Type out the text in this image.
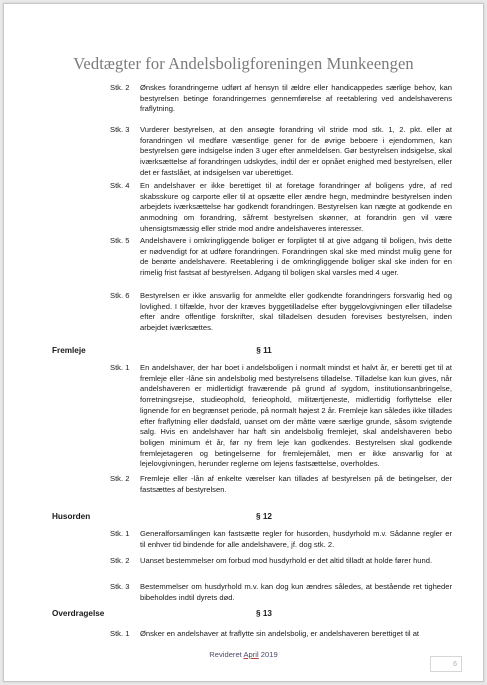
Vedtægter for Andelsboligforeningen Munkeengen
Stk. 2	Ønskes forandringerne udført af hensyn til ældre eller handicappedes særlige behov, kan bestyrelsen betinge forandringernes gennemførelse af reetablering ved andelshaverens fraflytning.
Stk. 3	Vurderer bestyrelsen, at den ansøgte forandring vil stride mod stk. 1, 2. pkt. eller at forandringen vil medføre væsentlige gener for de øvrige beboere i ejendommen, kan bestyrelsen gøre indsigelse inden 3 uger efter anmeldelsen. Gør bestyrelsen indsigelse, skal iværksættelse af forandringen udskydes, indtil der er opnået enighed med bestyrelsen, eller det er fastslået, at indsigelsen var uberettiget.
Stk. 4	En andelshaver er ikke berettiget til at foretage forandringer af boligens ydre, af red skabsskure og carporte eller til at opsætte eller ændre hegn, medmindre bestyrelsen inden arbejdets iværksættelse har godkendt forandringen. Bestyrelsen kan nægte at godkende en anmodning om forandring, såfremt bestyrelsen skønner, at forandrin gen vil være uhensigtsmæssig eller stride mod andre andelshaveres interesser.
Stk. 5	Andelshavere i omkringliggende boliger er forpligtet til at give adgang til boligen, hvis dette er nødvendigt for at udføre forandringen. Forandringen skal ske med mindst mulig gene for de berørte andelshavere. Reetablering i de omkringliggende boliger skal ske inden for en rimelig frist fastsat af bestyrelsen. Adgang til boligen skal varsles med 4 uger.
Stk. 6	Bestyrelsen er ikke ansvarlig for anmeldte eller godkendte forandringers forsvarlig hed og lovlighed. I tilfælde, hvor der kræves byggetilladelse efter byggelovgivningen eller tilladelse efter andre offentlige forskrifter, skal tilladelsen desuden forevises bestyrelsen, inden arbejdet iværksættes.
Fremleje	§ 11
Stk. 1	En andelshaver, der har boet i andelsboligen i normalt mindst et halvt år, er beretti get til at fremleje eller -låne sin andelsbolig med bestyrelsens tilladelse. Tilladelse kan kun gives, når andelshaveren er midlertidigt fraværende på grund af sygdom, institutionsanbringelse, forretningsrejse, studieophold, ferieophold, militærtjeneste, midlertidig forflyttelse eller lignende for en begrænset periode, på normalt højest 2 år. Fremleje kan således ikke tillades efter fraflytning eller dødsfald, uanset om der måtte være særlige grunde, såsom svigtende salg. Hvis en andelshaver har haft sin andelsbolig fremlejet, skal andelshaveren bebo boligen minimum ét år, før ny frem leje kan godkendes. Bestyrelsen skal godkende fremlejetageren og betingelserne for fremlejemålet, men er ikke ansvarlig for at lejelovgivningen, herunder reglerne om lejens fastsættelse, overholdes.
Stk. 2	Fremleje eller -lån af enkelte værelser kan tillades af bestyrelsen på de betingelser, der fastsættes af bestyrelsen.
Husorden	§ 12
Stk. 1	Generalforsamlingen kan fastsætte regler for husorden, husdyrhold m.v. Sådanne regler er til enhver tid bindende for alle andelshavere, jf. dog stk. 2.
Stk. 2	Uanset bestemmelser om forbud mod husdyrhold er det altid tilladt at holde fører hund.
Stk. 3	Bestemmelser om husdyrhold m.v. kan dog kun ændres således, at bestående ret tigheder bibeholdes indtil dyrets død.
Overdragelse	§ 13
Stk. 1	Ønsker en andelshaver at fraflytte sin andelsbolig, er andelshaveren berettiget til at
Revideret April 2019
6
